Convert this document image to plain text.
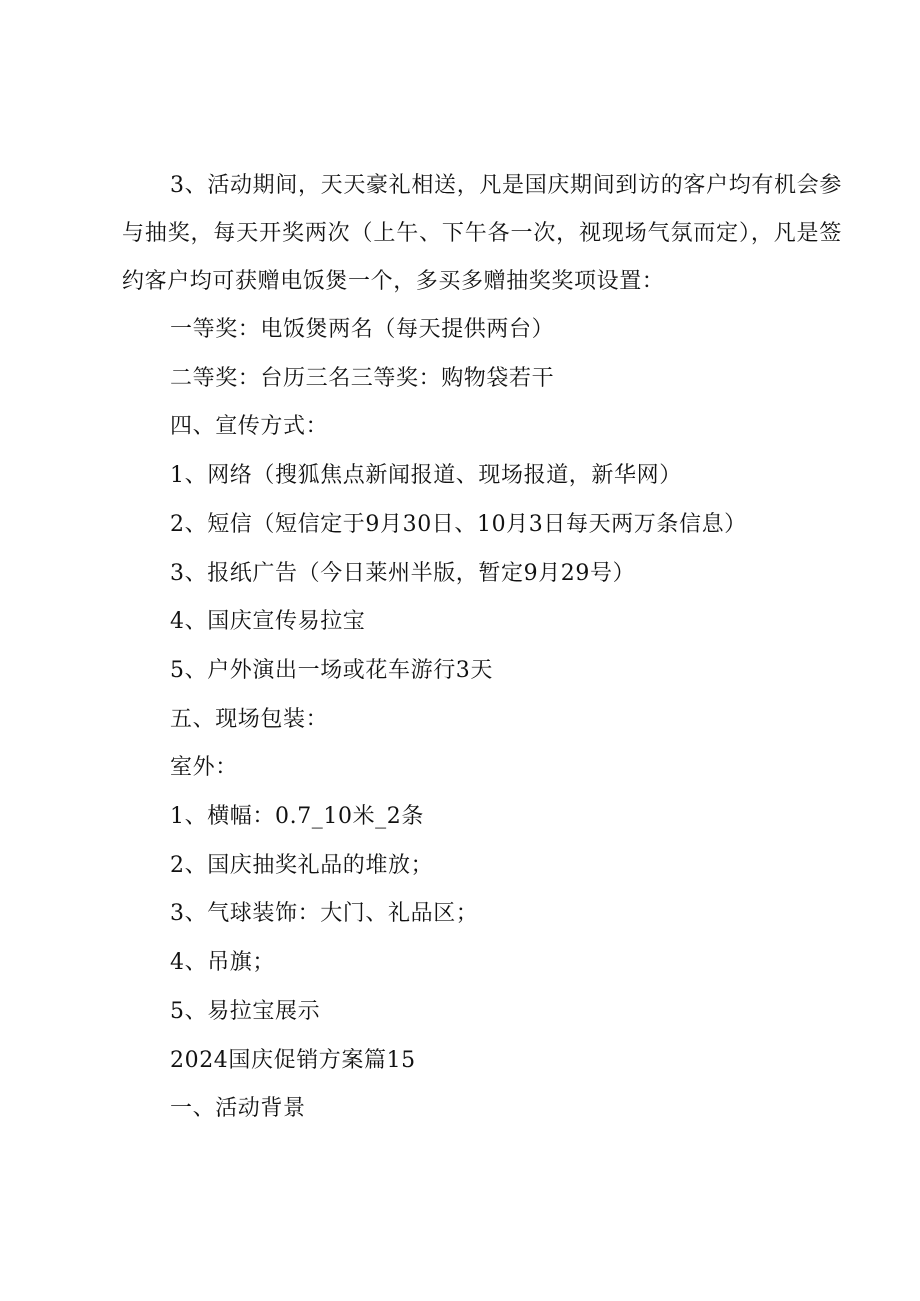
3、活动期间，天天豪礼相送，凡是国庆期间到访的客户均有机会参与抽奖，每天开奖两次（上午、下午各一次，视现场气氛而定），凡是签约客户均可获赠电饭煲一个，多买多赠抽奖奖项设置：

一等奖：电饭煲两名（每天提供两台）

二等奖：台历三名三等奖：购物袋若干

四、宣传方式：

1、网络（搜狐焦点新闻报道、现场报道，新华网）

2、短信（短信定于9月30日、10月3日每天两万条信息）

3、报纸广告（今日莱州半版，暂定9月29号）

4、国庆宣传易拉宝

5、户外演出一场或花车游行3天

五、现场包装：

室外：

1、横幅：0.7_10米_2条

2、国庆抽奖礼品的堆放；

3、气球装饰：大门、礼品区；

4、吊旗；

5、易拉宝展示

2024国庆促销方案篇15

一、活动背景
